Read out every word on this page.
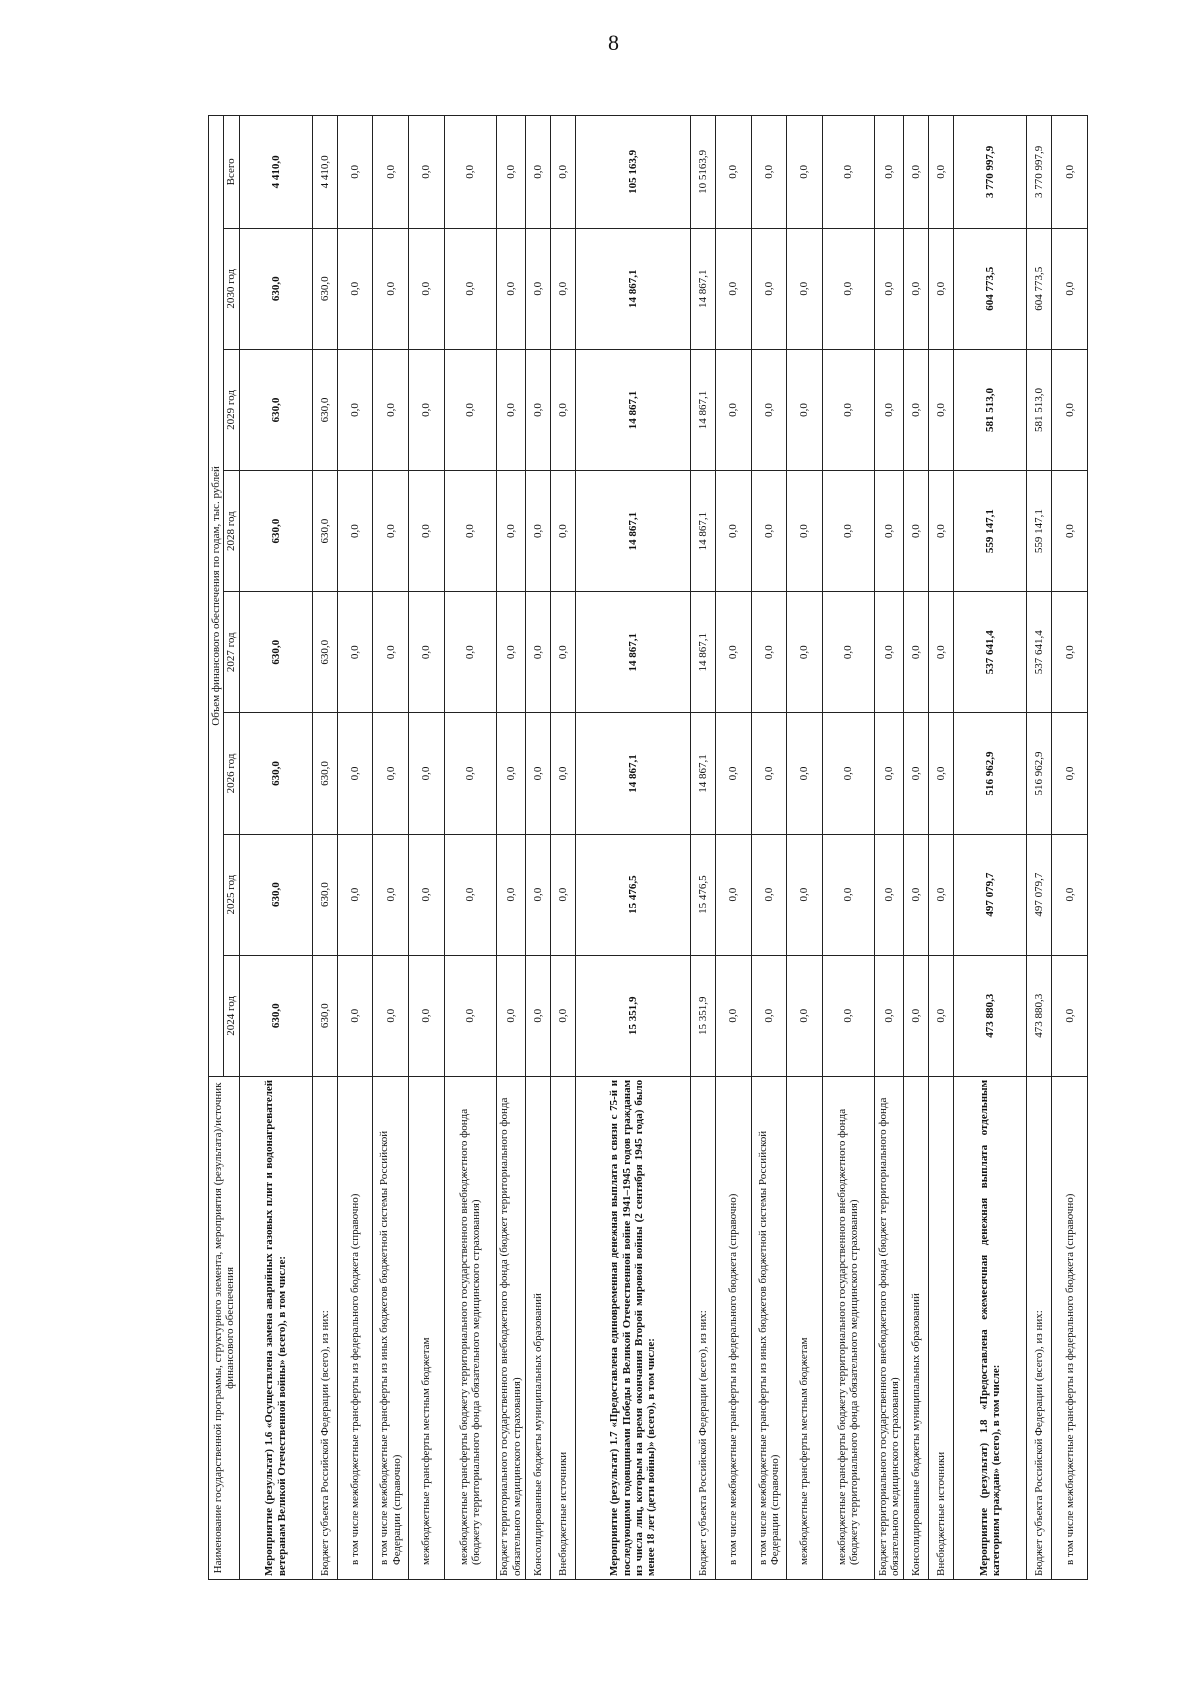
8
Наименование государственной программы, структурного элемента, мероприятия (результата)/источник финансового обеспечения	Объем финансового обеспечения по годам, тыс. рублей							
	2024 год	2025 год	2026 год	2027 год	2028 год	2029 год	2030 год	Всего
Мероприятие (результат) 1.6 «Осуществлена замена аварийных газовых плит и водонагревателей ветеранам Великой Отечественной войны» (всего), в том числе:	630,0	630,0	630,0	630,0	630,0	630,0	630,0	4 410,0
Бюджет субъекта Российской Федерации (всего), из них:	630,0	630,0	630,0	630,0	630,0	630,0	630,0	4 410,0
в том числе межбюджетные трансферты из федерального бюджета (справочно)	0,0	0,0	0,0	0,0	0,0	0,0	0,0	0,0
в том числе межбюджетные трансферты из иных бюджетов бюджетной системы Российской Федерации (справочно)	0,0	0,0	0,0	0,0	0,0	0,0	0,0	0,0
межбюджетные трансферты местным бюджетам	0,0	0,0	0,0	0,0	0,0	0,0	0,0	0,0
межбюджетные трансферты бюджету территориального государственного внебюджетного фонда (бюджету территориального фонда обязательного медицинского страхования)	0,0	0,0	0,0	0,0	0,0	0,0	0,0	0,0
Бюджет территориального государственного внебюджетного фонда (бюджет территориального фонда обязательного медицинского страхования)	0,0	0,0	0,0	0,0	0,0	0,0	0,0	0,0
Консолидированные бюджеты муниципальных образований	0,0	0,0	0,0	0,0	0,0	0,0	0,0	0,0
Внебюджетные источники	0,0	0,0	0,0	0,0	0,0	0,0	0,0	0,0
Мероприятие (результат) 1.7 «Предоставлена единовременная денежная выплата в связи с 75-й и последующими годовщинами Победы в Великой Отечественной войне 1941–1945 годов гражданам из числа лиц, которым на время окончания Второй мировой войны (2 сентября 1945 года) было менее 18 лет (дети войны)» (всего), в том числе:	15 351,9	15 476,5	14 867,1	14 867,1	14 867,1	14 867,1	14 867,1	105 163,9
Бюджет субъекта Российской Федерации (всего), из них:	15 351,9	15 476,5	14 867,1	14 867,1	14 867,1	14 867,1	14 867,1	10 5163,9
в том числе межбюджетные трансферты из федерального бюджета (справочно)	0,0	0,0	0,0	0,0	0,0	0,0	0,0	0,0
в том числе межбюджетные трансферты из иных бюджетов бюджетной системы Российской Федерации (справочно)	0,0	0,0	0,0	0,0	0,0	0,0	0,0	0,0
межбюджетные трансферты местным бюджетам	0,0	0,0	0,0	0,0	0,0	0,0	0,0	0,0
межбюджетные трансферты бюджету территориального государственного внебюджетного фонда (бюджету территориального фонда обязательного медицинского страхования)	0,0	0,0	0,0	0,0	0,0	0,0	0,0	0,0
Бюджет территориального государственного внебюджетного фонда (бюджет территориального фонда обязательного медицинского страхования)	0,0	0,0	0,0	0,0	0,0	0,0	0,0	0,0
Консолидированные бюджеты муниципальных образований	0,0	0,0	0,0	0,0	0,0	0,0	0,0	0,0
Внебюджетные источники	0,0	0,0	0,0	0,0	0,0	0,0	0,0	0,0
Мероприятие (результат) 1.8 «Предоставлена ежемесячная денежная выплата отдельным категориям граждан» (всего), в том числе:	473 880,3	497 079,7	516 962,9	537 641,4	559 147,1	581 513,0	604 773,5	3 770 997,9
Бюджет субъекта Российской Федерации (всего), из них:	473 880,3	497 079,7	516 962,9	537 641,4	559 147,1	581 513,0	604 773,5	3 770 997,9
в том числе межбюджетные трансферты из федерального бюджета (справочно)	0,0	0,0	0,0	0,0	0,0	0,0	0,0	0,0
